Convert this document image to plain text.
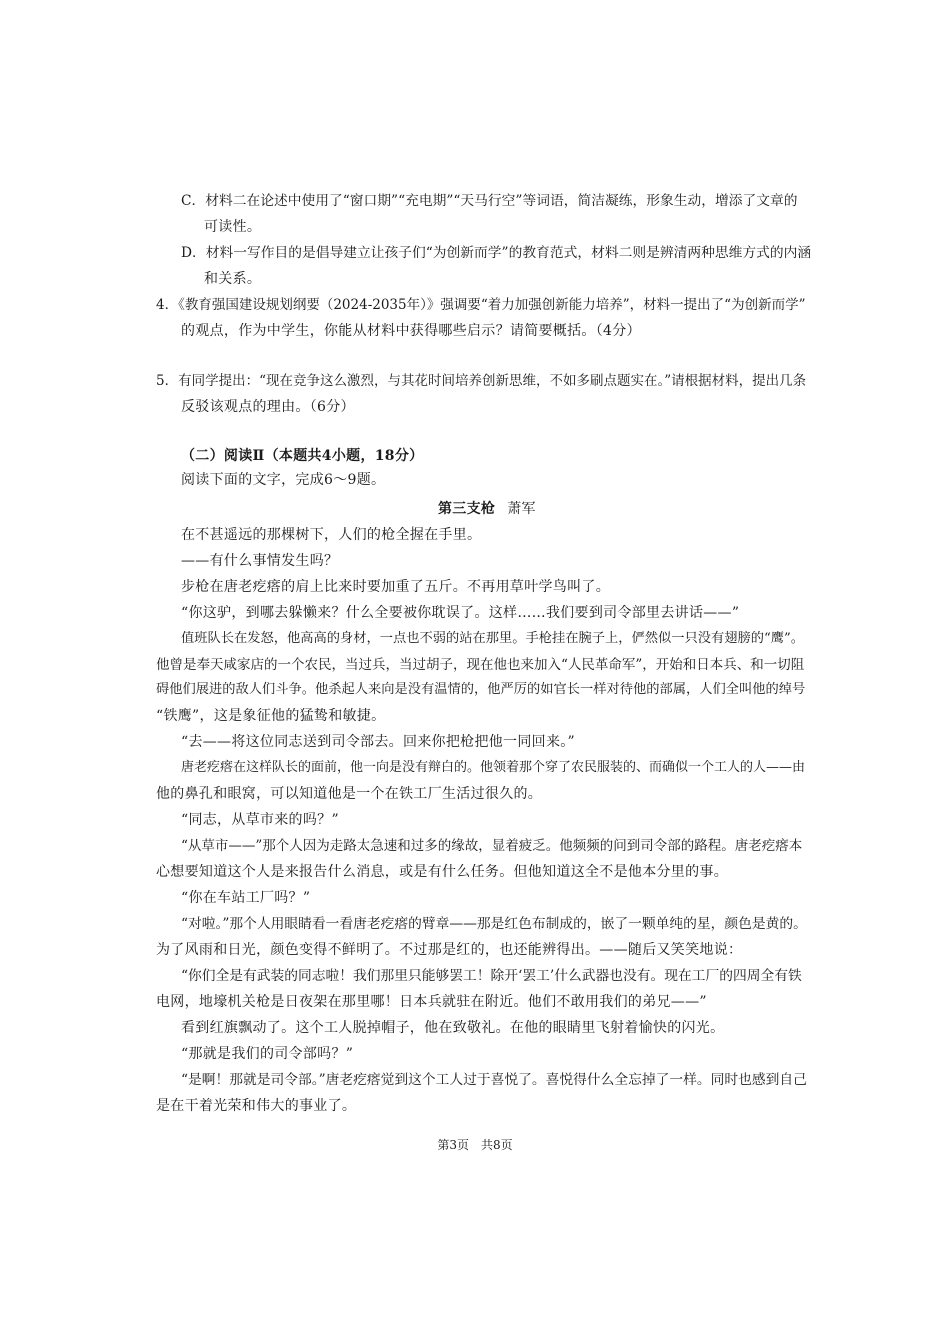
C．材料二在论述中使用了“窗口期”“充电期”“天马行空”等词语，简洁凝练，形象生动，增添了文章的
可读性。
D．材料一写作目的是倡导建立让孩子们“为创新而学”的教育范式，材料二则是辨清两种思维方式的内涵
和关系。
4．《教育强国建设规划纲要（2024-2035年）》强调要“着力加强创新能力培养”，材料一提出了“为创新而学”
的观点，作为中学生，你能从材料中获得哪些启示？请简要概括。（4分）
5．有同学提出：“现在竞争这么激烈，与其花时间培养创新思维，不如多刷点题实在。”请根据材料，提出几条
反驳该观点的理由。（6分）
（二）阅读Ⅱ（本题共4小题，18分）
阅读下面的文字，完成6～9题。
第三支枪 萧军
在不甚遥远的那棵树下，人们的枪全握在手里。
——有什么事情发生吗？
步枪在唐老疙瘩的肩上比来时要加重了五斤。不再用草叶学鸟叫了。
“你这驴，到哪去躲懒来？什么全要被你耽误了。这样……我们要到司令部里去讲话——”
值班队长在发怒，他高高的身材，一点也不弱的站在那里。手枪挂在腕子上，俨然似一只没有翅膀的“鹰”。
他曾是奉天咸家店的一个农民，当过兵，当过胡子，现在他也来加入“人民革命军”，开始和日本兵、和一切阻
碍他们展进的敌人们斗争。他杀起人来向是没有温情的，他严厉的如官长一样对待他的部属，人们全叫他的绰号
“铁鹰”，这是象征他的猛鸷和敏捷。
“去——将这位同志送到司令部去。回来你把枪把他一同回来。”
唐老疙瘩在这样队长的面前，他一向是没有辩白的。他领着那个穿了农民服装的、而确似一个工人的人——由
他的鼻孔和眼窝，可以知道他是一个在铁工厂生活过很久的。
“同志，从草市来的吗？”
“从草市——”那个人因为走路太急速和过多的缘故，显着疲乏。他频频的问到司令部的路程。唐老疙瘩本
心想要知道这个人是来报告什么消息，或是有什么任务。但他知道这全不是他本分里的事。
“你在车站工厂吗？”
“对啦。”那个人用眼睛看一看唐老疙瘩的臂章——那是红色布制成的，嵌了一颗单纯的星，颜色是黄的。
为了风雨和日光，颜色变得不鲜明了。不过那是红的，也还能辨得出。——随后又笑笑地说：
“你们全是有武装的同志啦！我们那里只能够罢工！除开‘罢工’什么武器也没有。现在工厂的四周全有铁
电网，地壕机关枪是日夜架在那里哪！日本兵就驻在附近。他们不敢用我们的弟兄——”
看到红旗飘动了。这个工人脱掉帽子，他在致敬礼。在他的眼睛里飞射着愉快的闪光。
“那就是我们的司令部吗？”
“是啊！那就是司令部。”唐老疙瘩觉到这个工人过于喜悦了。喜悦得什么全忘掉了一样。同时也感到自己
是在干着光荣和伟大的事业了。
第3页　共8页
